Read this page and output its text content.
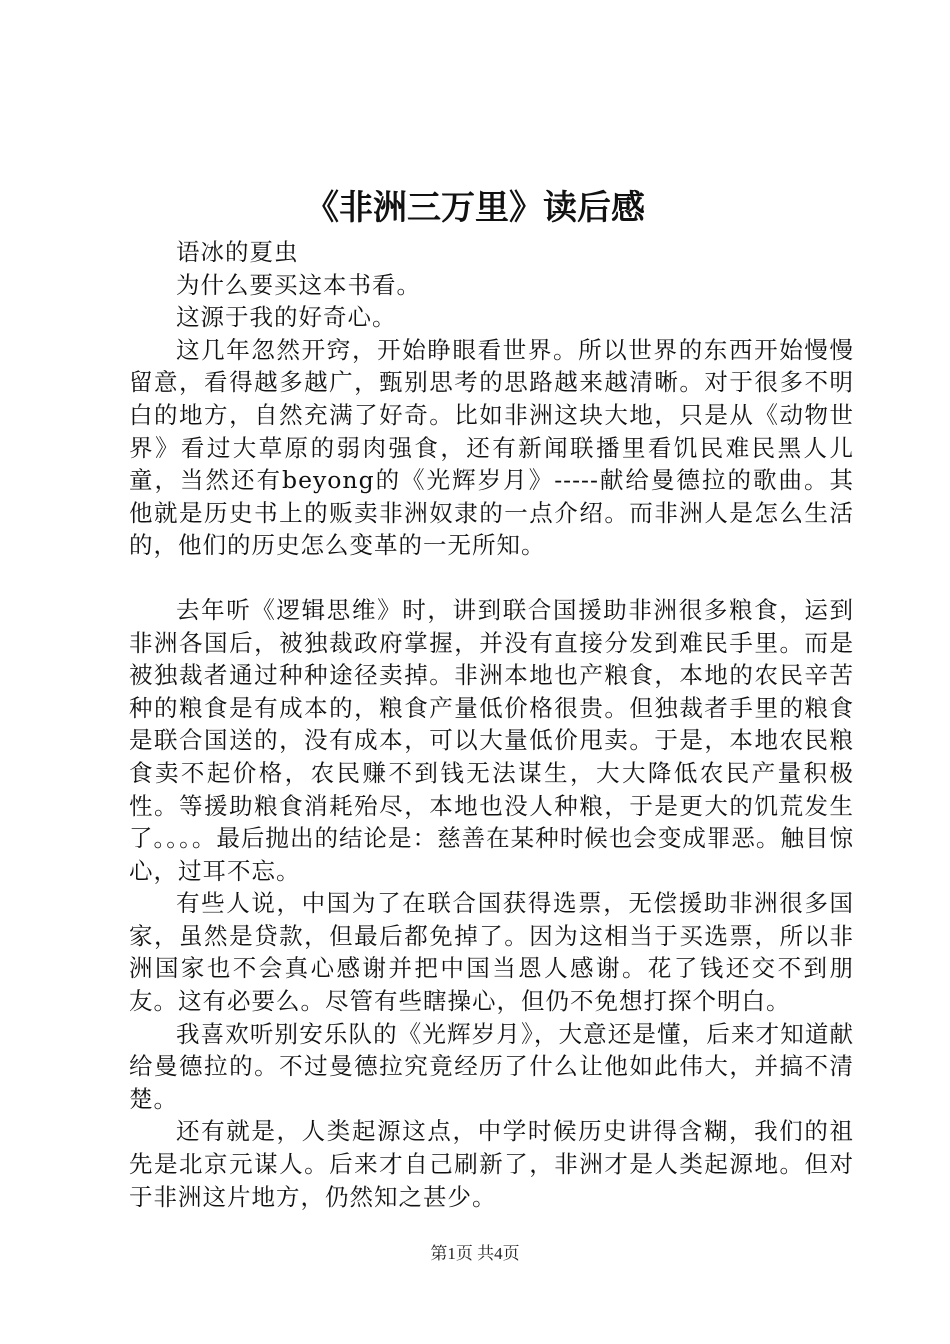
《非洲三万里》读后感

语冰的夏虫

为什么要买这本书看。

这源于我的好奇心。

这几年忽然开窍，开始睁眼看世界。所以世界的东西开始慢慢留意，看得越多越广，甄别思考的思路越来越清晰。对于很多不明白的地方，自然充满了好奇。比如非洲这块大地，只是从《动物世界》看过大草原的弱肉强食，还有新闻联播里看饥民难民黑人儿童，当然还有beyong的《光辉岁月》-----献给曼德拉的歌曲。其他就是历史书上的贩卖非洲奴隶的一点介绍。而非洲人是怎么生活的，他们的历史怎么变革的一无所知。

去年听《逻辑思维》时，讲到联合国援助非洲很多粮食，运到非洲各国后，被独裁政府掌握，并没有直接分发到难民手里。而是被独裁者通过种种途径卖掉。非洲本地也产粮食，本地的农民辛苦种的粮食是有成本的，粮食产量低价格很贵。但独裁者手里的粮食是联合国送的，没有成本，可以大量低价甩卖。于是，本地农民粮食卖不起价格，农民赚不到钱无法谋生，大大降低农民产量积极性。等援助粮食消耗殆尽，本地也没人种粮，于是更大的饥荒发生了。。。。最后抛出的结论是：慈善在某种时候也会变成罪恶。触目惊心，过耳不忘。

有些人说，中国为了在联合国获得选票，无偿援助非洲很多国家，虽然是贷款，但最后都免掉了。因为这相当于买选票，所以非洲国家也不会真心感谢并把中国当恩人感谢。花了钱还交不到朋友。这有必要么。尽管有些瞎操心，但仍不免想打探个明白。

我喜欢听别安乐队的《光辉岁月》，大意还是懂，后来才知道献给曼德拉的。不过曼德拉究竟经历了什么让他如此伟大，并搞不清楚。

还有就是，人类起源这点，中学时候历史讲得含糊，我们的祖先是北京元谋人。后来才自己刷新了，非洲才是人类起源地。但对于非洲这片地方，仍然知之甚少。

第1页 共4页
